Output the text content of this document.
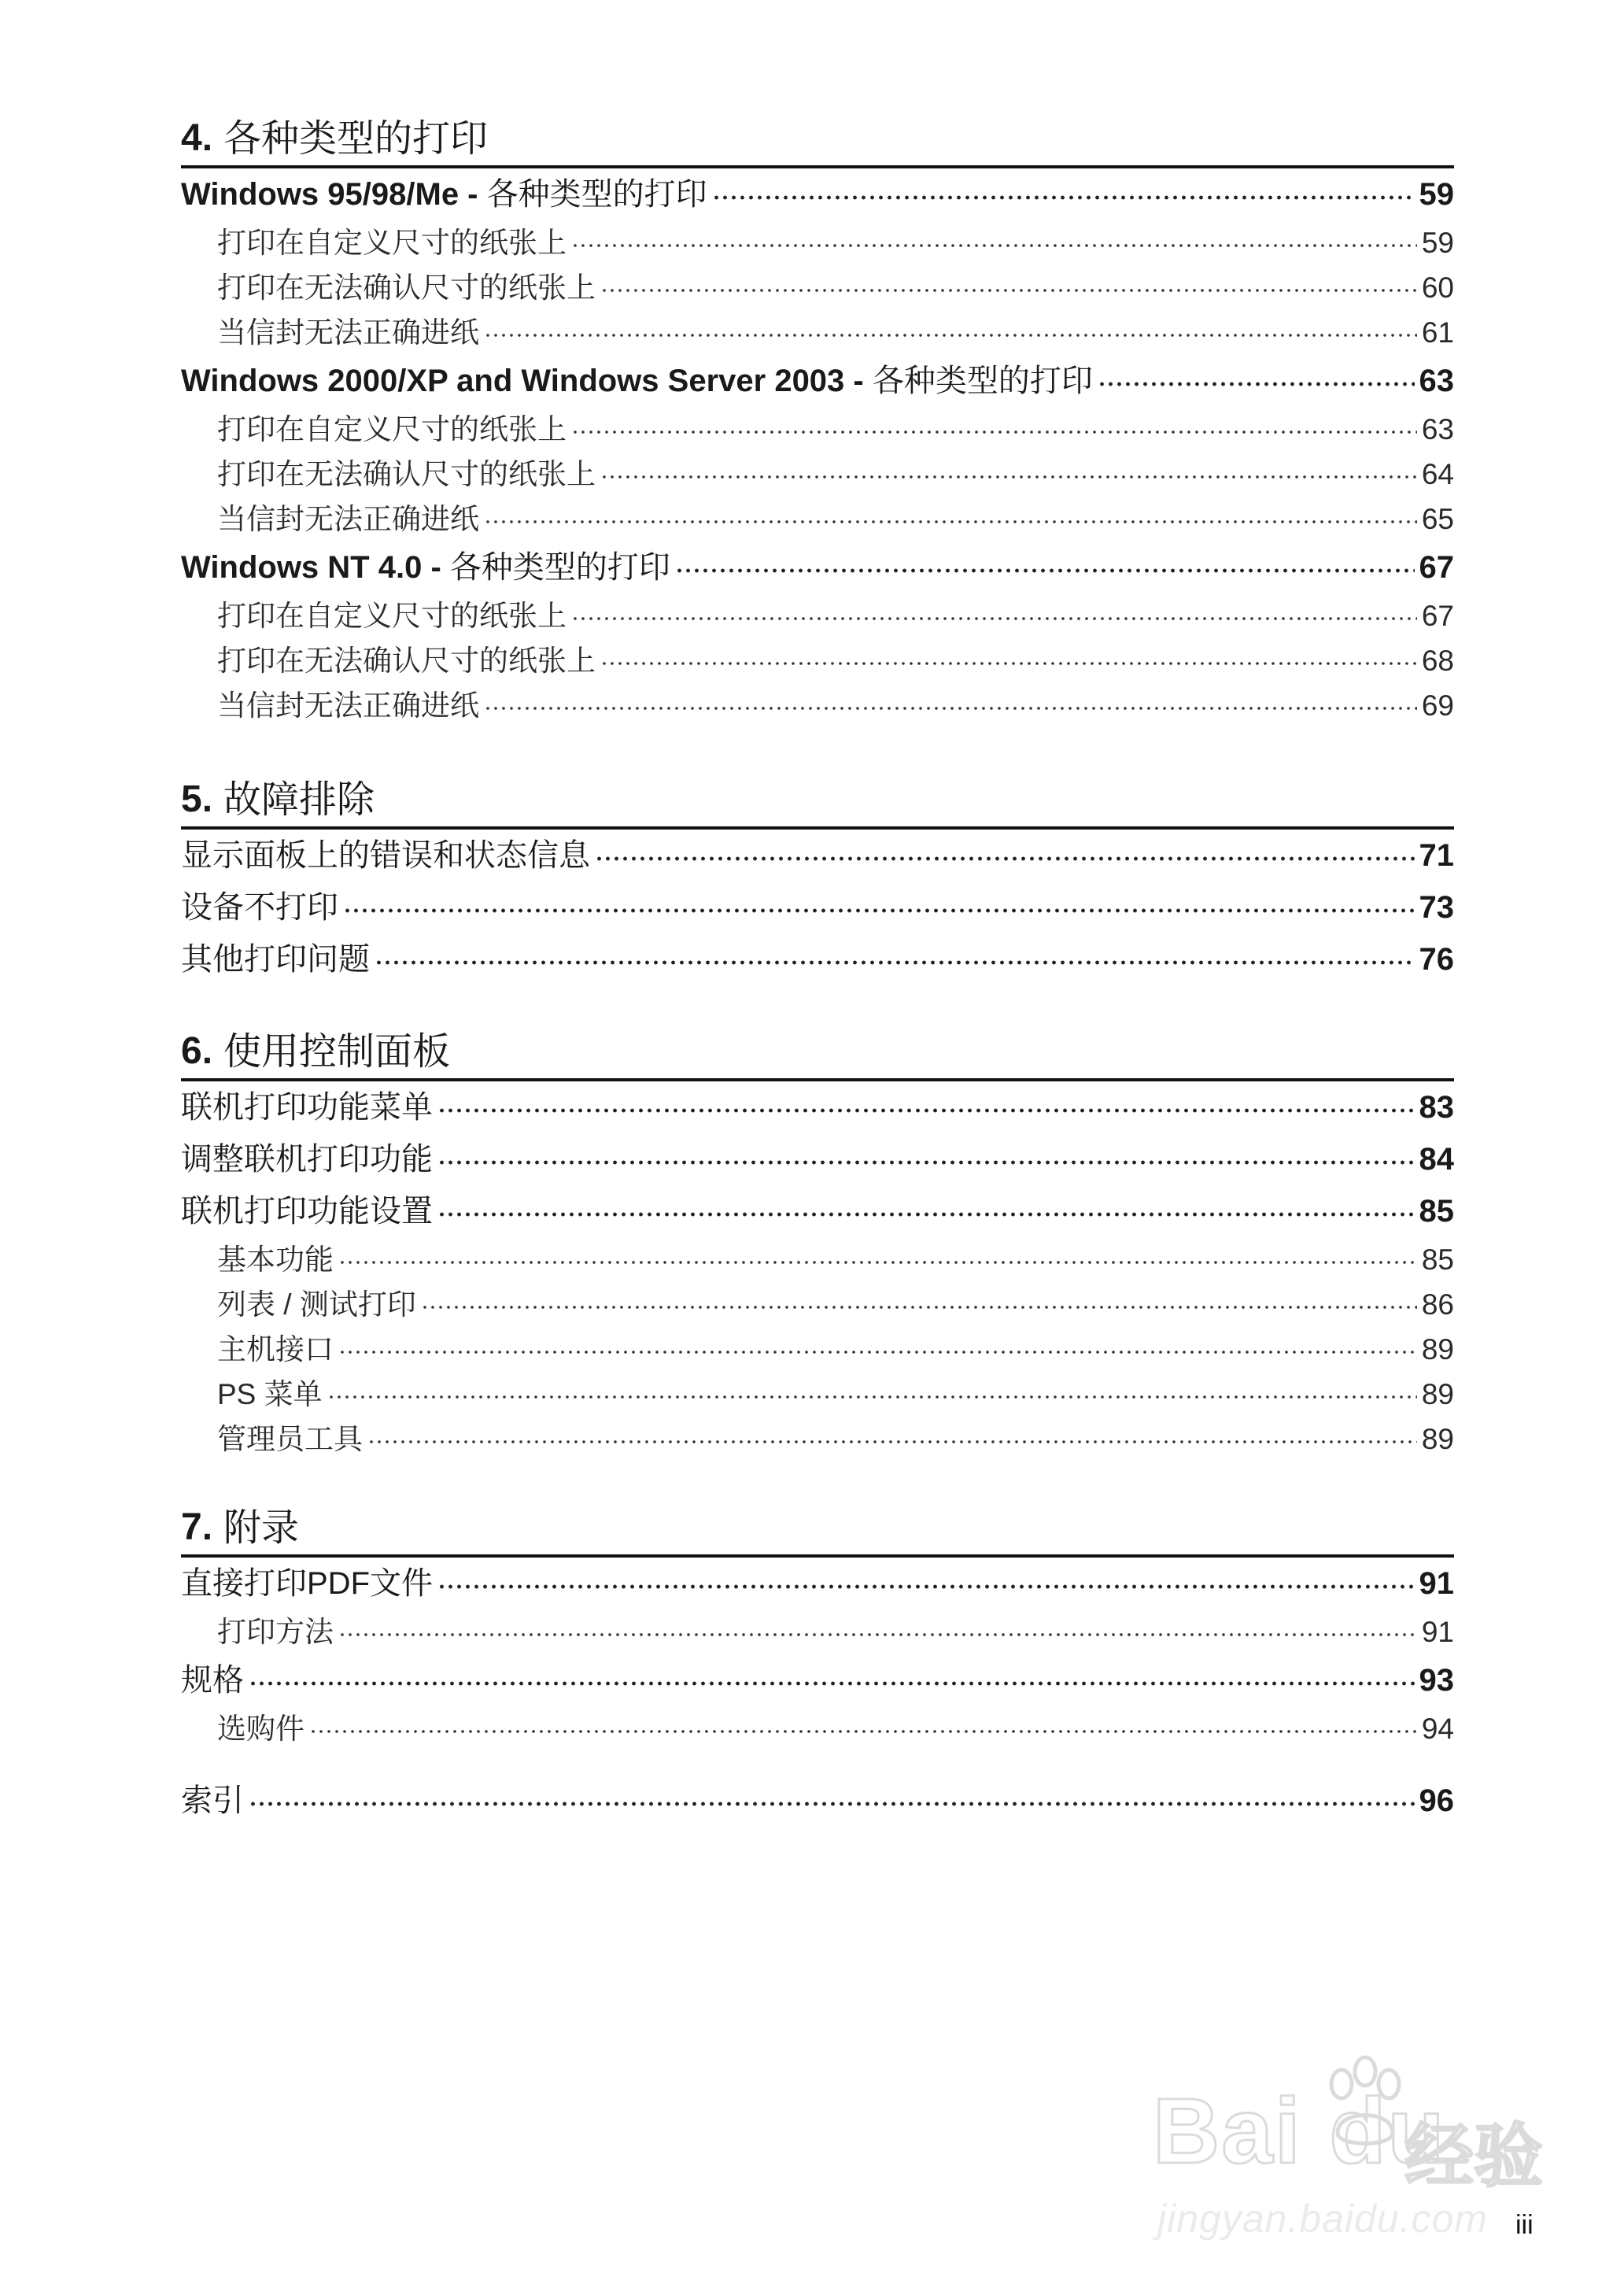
4. 各种类型的打印
Windows 95/98/Me - 各种类型的打印	59
打印在自定义尺寸的纸张上	59
打印在无法确认尺寸的纸张上	60
当信封无法正确进纸	61
Windows 2000/XP and Windows Server 2003 - 各种类型的打印	63
打印在自定义尺寸的纸张上	63
打印在无法确认尺寸的纸张上	64
当信封无法正确进纸	65
Windows NT 4.0 - 各种类型的打印	67
打印在自定义尺寸的纸张上	67
打印在无法确认尺寸的纸张上	68
当信封无法正确进纸	69
5. 故障排除
显示面板上的错误和状态信息	71
设备不打印	73
其他打印问题	76
6. 使用控制面板
联机打印功能菜单	83
调整联机打印功能	84
联机打印功能设置	85
基本功能	85
列表 / 测试打印	86
主机接口	89
PS 菜单	89
管理员工具	89
7. 附录
直接打印PDF文件	91
打印方法	91
规格	93
选购件	94
索引	96
Bai du
经验
jingyan.baidu.com iii
